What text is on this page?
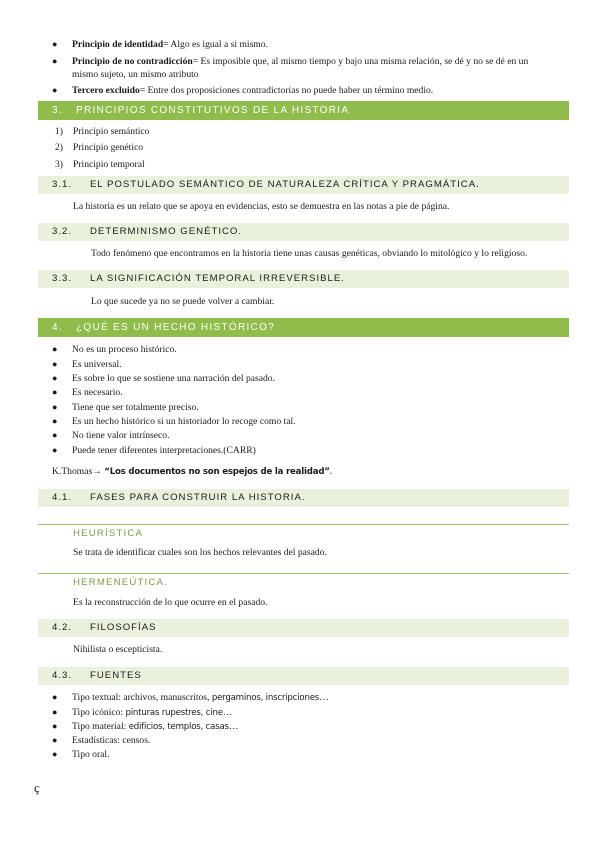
● Principio de identidad= Algo es igual a si mismo.
● Principio de no contradicción= Es imposible que, al mismo tiempo y bajo una misma relación, se dé y no se dé en un
mismo sujeto, un mismo atributo
● Tercero excluido= Entre dos proposiciones contradictorias no puede haber un término medio.
3. PRINCIPIOS CONSTITUTIVOS DE LA HISTORIA
1) Principio semántico
2) Principio genético
3) Principio temporal
3.1. EL POSTULADO SEMÁNTICO DE NATURALEZA CRÍTICA Y PRAGMÁTICA.
La historia es un relato que se apoya en evidencias, esto se demuestra en las notas a pie de página.
3.2. DETERMINISMO GENÉTICO.
Todo fenómeno que encontramos en la historia tiene unas causas genéticas, obviando lo mitológico y lo religioso.
3.3. LA SIGNIFICACIÓN TEMPORAL IRREVERSIBLE.
Lo que sucede ya no se puede volver a cambiar.
4. ¿QUÉ ES UN HECHO HISTÓRICO?
● No es un proceso histórico.
● Es universal.
● Es sobre lo que se sostiene una narración del pasado.
● Es necesario.
● Tiene que ser totalmente preciso.
● Es un hecho histórico si un historiador lo recoge como tal.
● No tiene valor intrínseco.
● Puede tener diferentes interpretaciones.(CARR)
K.Thomas→ “Los documentos no son espejos de la realidad”.
4.1. FASES PARA CONSTRUIR LA HISTORIA.
HEURÍSTICA
Se trata de identificar cuales son los hechos relevantes del pasado.
HERMENEÚTICA.
Es la reconstrucción de lo que ocurre en el pasado.
4.2. FILOSOFÍAS
Nihilista o escepticista.
4.3. FUENTES
● Tipo textual: archivos, manuscritos, pergaminos, inscripciones…
● Tipo icónico: pinturas rupestres, cine…
● Tipo material: edificios, templos, casas…
● Estadísticas: censos.
● Tipo oral.
ç
